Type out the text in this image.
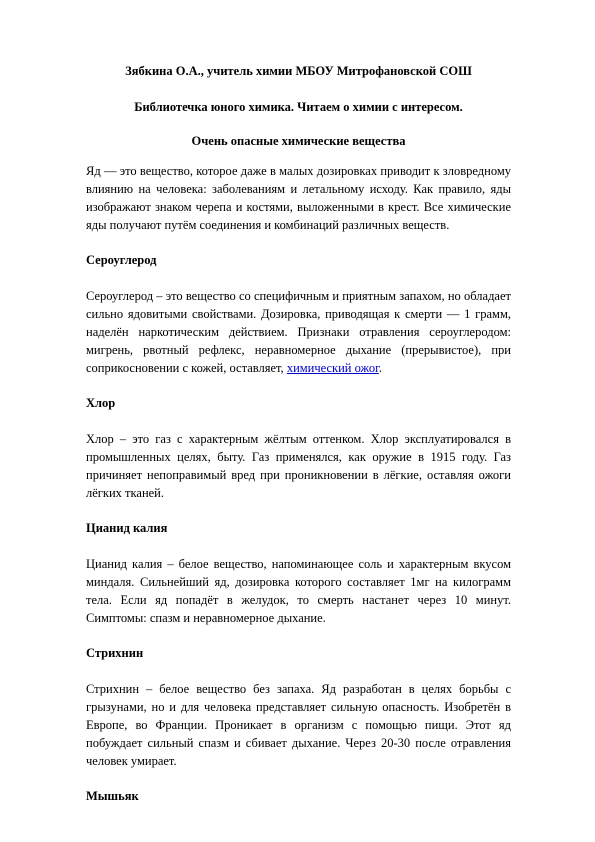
Зябкина О.А., учитель химии МБОУ Митрофановской СОШ
Библиотечка юного химика. Читаем о химии с интересом.
Очень опасные химические вещества

Яд — это вещество, которое даже в малых дозировках приводит к зловредному влиянию на человека: заболеваниям и летальному исходу. Как правило, яды изображают знаком черепа и костями, выложенными в крест. Все химические яды получают путём соединения и комбинаций различных веществ.

Сероуглерод

Сероуглерод – это вещество со специфичным и приятным запахом, но обладает сильно ядовитыми свойствами. Дозировка, приводящая к смерти — 1 грамм, наделён наркотическим действием. Признаки отравления сероуглеродом: мигрень, рвотный рефлекс, неравномерное дыхание (прерывистое), при соприкосновении с кожей, оставляет, химический ожог.

Хлор

Хлор – это газ с характерным жёлтым оттенком. Хлор эксплуатировался в промышленных целях, быту. Газ применялся, как оружие в 1915 году. Газ причиняет непоправимый вред при проникновении в лёгкие, оставляя ожоги лёгких тканей.

Цианид калия

Цианид калия – белое вещество, напоминающее соль и характерным вкусом миндаля. Сильнейший яд, дозировка которого составляет 1мг на килограмм тела. Если яд попадёт в желудок, то смерть настанет через 10 минут. Симптомы: спазм и неравномерное дыхание.

Стрихнин

Стрихнин – белое вещество без запаха. Яд разработан в целях борьбы с грызунами, но и для человека представляет сильную опасность. Изобретён в Европе, во Франции. Проникает в организм с помощью пищи. Этот яд побуждает сильный спазм и сбивает дыхание. Через 20-30 после отравления человек умирает.

Мышьяк
